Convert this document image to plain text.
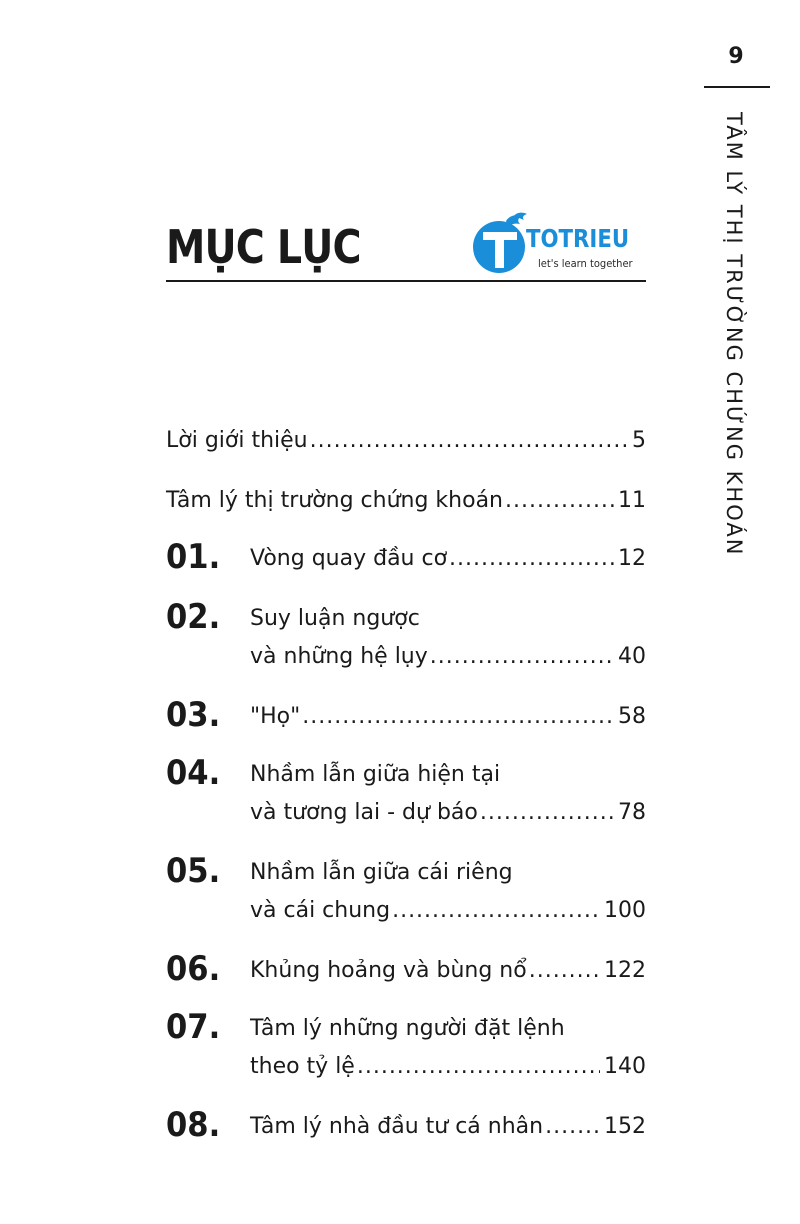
9
TÂM LÝ THỊ TRƯỜNG CHỨNG KHOÁN
MỤC LỤC	TOTRIEU
let's learn together
Lời giới thiệu .....	5
Tâm lý thị trường chứng khoán .....	11
01. Vòng quay đầu cơ .....	12
02. Suy luận ngược
và những hệ lụy .....	40
03. "Họ" .....	58
04. Nhầm lẫn giữa hiện tại
và tương lai - dự báo .....	78
05. Nhầm lẫn giữa cái riêng
và cái chung .....	100
06. Khủng hoảng và bùng nổ .....	122
07. Tâm lý những người đặt lệnh
theo tỷ lệ .....	140
08. Tâm lý nhà đầu tư cá nhân .....	152
